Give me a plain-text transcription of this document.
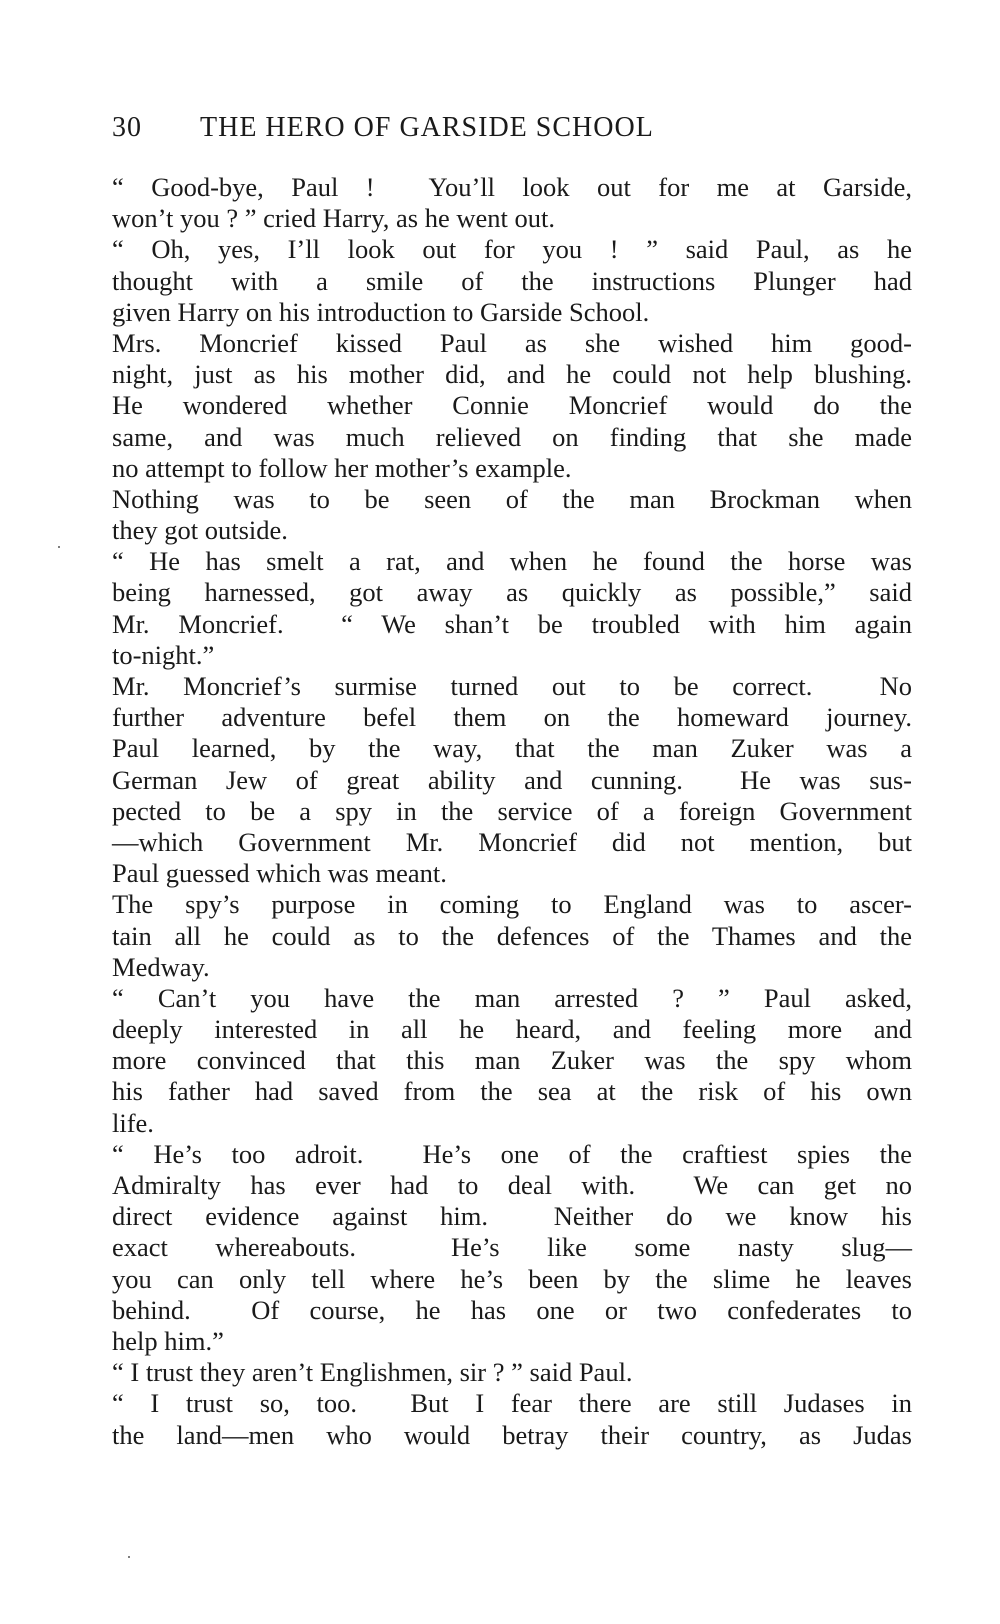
30 THE HERO OF GARSIDE SCHOOL
“ Good-bye, Paul !  You’ll look out for me at Garside,
won’t you ? ” cried Harry, as he went out.
“ Oh, yes, I’ll look out for you ! ” said Paul, as he
thought with a smile of the instructions Plunger had
given Harry on his introduction to Garside School.
Mrs. Moncrief kissed Paul as she wished him good-
night, just as his mother did, and he could not help blushing.
He wondered whether Connie Moncrief would do the
same, and was much relieved on finding that she made
no attempt to follow her mother’s example.
Nothing was to be seen of the man Brockman when
they got outside.
“ He has smelt a rat, and when he found the horse was
being harnessed, got away as quickly as possible,” said
Mr. Moncrief.  “ We shan’t be troubled with him again
to-night.”
Mr. Moncrief’s surmise turned out to be correct.  No
further adventure befel them on the homeward journey.
Paul learned, by the way, that the man Zuker was a
German Jew of great ability and cunning.  He was sus-
pected to be a spy in the service of a foreign Government
—which Government Mr. Moncrief did not mention, but
Paul guessed which was meant.
The spy’s purpose in coming to England was to ascer-
tain all he could as to the defences of the Thames and the
Medway.
“ Can’t you have the man arrested ? ” Paul asked,
deeply interested in all he heard, and feeling more and
more convinced that this man Zuker was the spy whom
his father had saved from the sea at the risk of his own
life.
“ He’s too adroit.  He’s one of the craftiest spies the
Admiralty has ever had to deal with.  We can get no
direct evidence against him.  Neither do we know his
exact whereabouts.  He’s like some nasty slug—
you can only tell where he’s been by the slime he leaves
behind.  Of course, he has one or two confederates to
help him.”
“ I trust they aren’t Englishmen, sir ? ” said Paul.
“ I trust so, too.  But I fear there are still Judases in
the land—men who would betray their country, as Judas
